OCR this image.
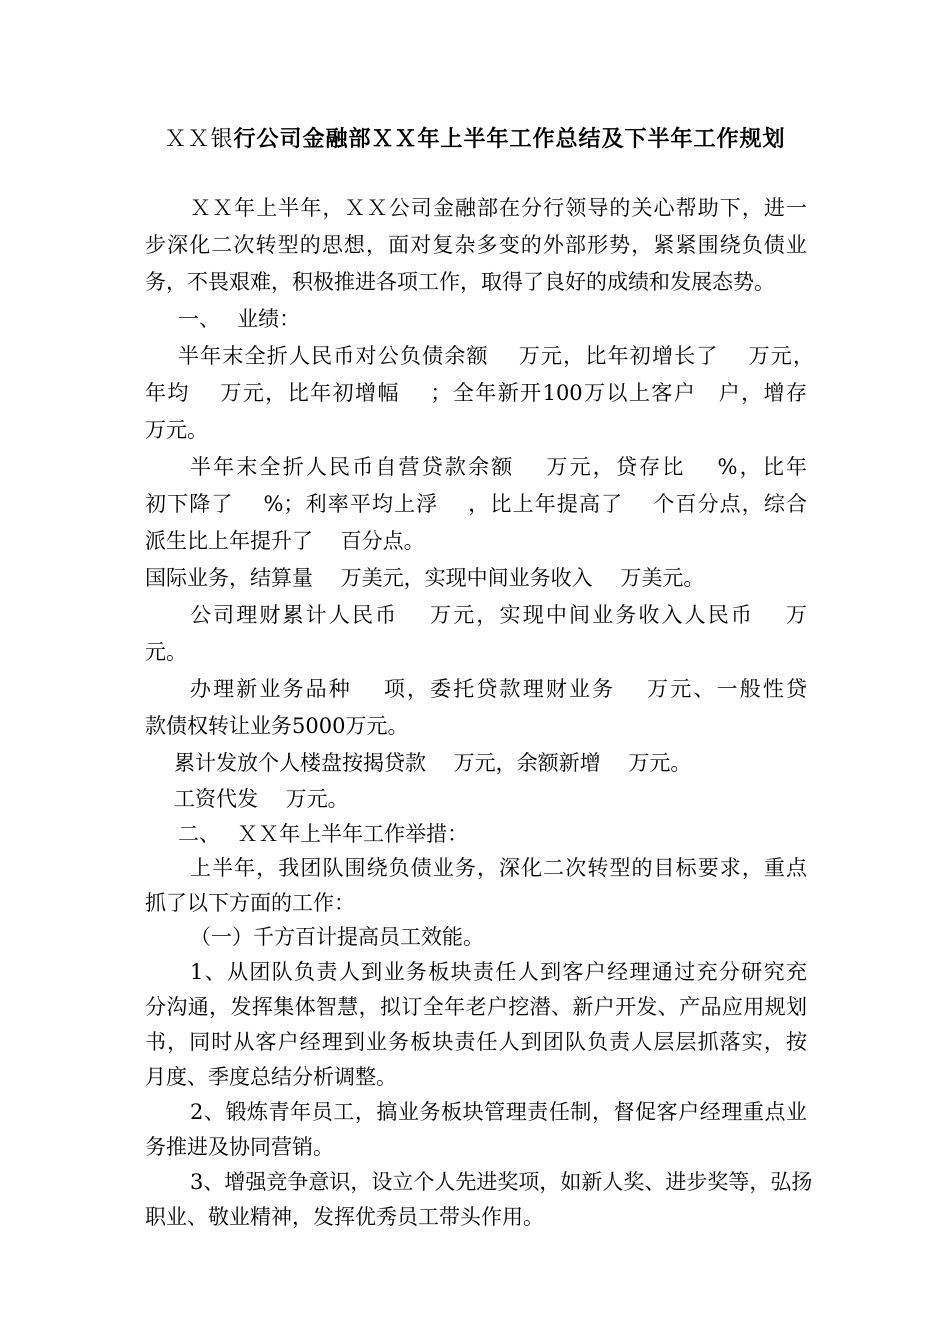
ＸＸ银行公司金融部ＸＸ年上半年工作总结及下半年工作规划
ＸＸ年上半年，ＸＸ公司金融部在分行领导的关心帮助下，进一
步深化二次转型的思想，面对复杂多变的外部形势，紧紧围绕负债业
务，不畏艰难，积极推进各项工作，取得了良好的成绩和发展态势。
一、　 业绩：
半年末全折人民币对公负债余额　 万元，比年初增长了　 万元，
年均　 万元，比年初增幅　 ；全年新开100万以上客户　户，增存
万元。
半年末全折人民币自营贷款余额　 万元，贷存比　 %，比年
初下降了　 %；利率平均上浮　 ，比上年提高了　 个百分点，综合
派生比上年提升了　 百分点。
国际业务，结算量　 万美元，实现中间业务收入　 万美元。
公司理财累计人民币　 万元，实现中间业务收入人民币　 万
元。
办理新业务品种　 项，委托贷款理财业务　 万元、一般性贷
款债权转让业务5000万元。
累计发放个人楼盘按揭贷款　 万元，余额新增　 万元。
工资代发　 万元。
二、　 ＸＸ年上半年工作举措：
上半年，我团队围绕负债业务，深化二次转型的目标要求，重点
抓了以下方面的工作：
（一）千方百计提高员工效能。
1、从团队负责人到业务板块责任人到客户经理通过充分研究充
分沟通，发挥集体智慧，拟订全年老户挖潜、新户开发、产品应用规划
书，同时从客户经理到业务板块责任人到团队负责人层层抓落实，按
月度、季度总结分析调整。
2、锻炼青年员工，搞业务板块管理责任制，督促客户经理重点业
务推进及协同营销。
3、增强竞争意识，设立个人先进奖项，如新人奖、进步奖等，弘扬
职业、敬业精神，发挥优秀员工带头作用。
